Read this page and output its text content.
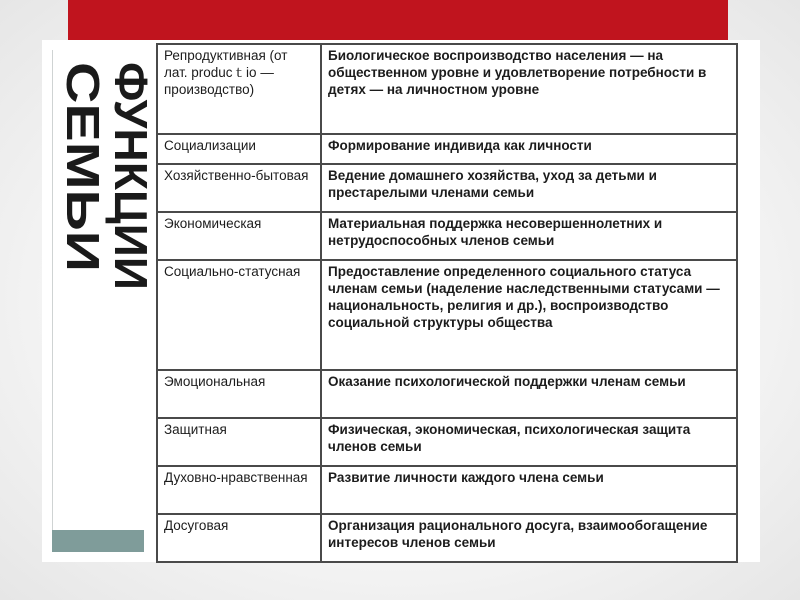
ФУНКЦИИ
СЕМЬИ
Репродуктивная (от лат. producｔio — производство)	Биологическое воспроизводство населения — на общественном уровне и удовлетворение потребности в детях — на личностном уровне
Социализации	Формирование индивида как личности
Хозяйственно-бытовая	Ведение домашнего хозяйства, уход за детьми и престарелыми членами семьи
Экономическая	Материальная поддержка несовершеннолетних и нетрудоспособных членов семьи
Социально-статусная	Предоставление определенного социального статуса членам семьи (наделение наследственными статусами — национальность, религия и др.), воспроизводство социальной структуры общества
Эмоциональная	Оказание психологической поддержки членам семьи
Защитная	Физическая, экономическая, психологическая защита членов семьи
Духовно-нравственная	Развитие личности каждого члена семьи
Досуговая	Организация рационального досуга, взаимообогащение интересов членов семьи
